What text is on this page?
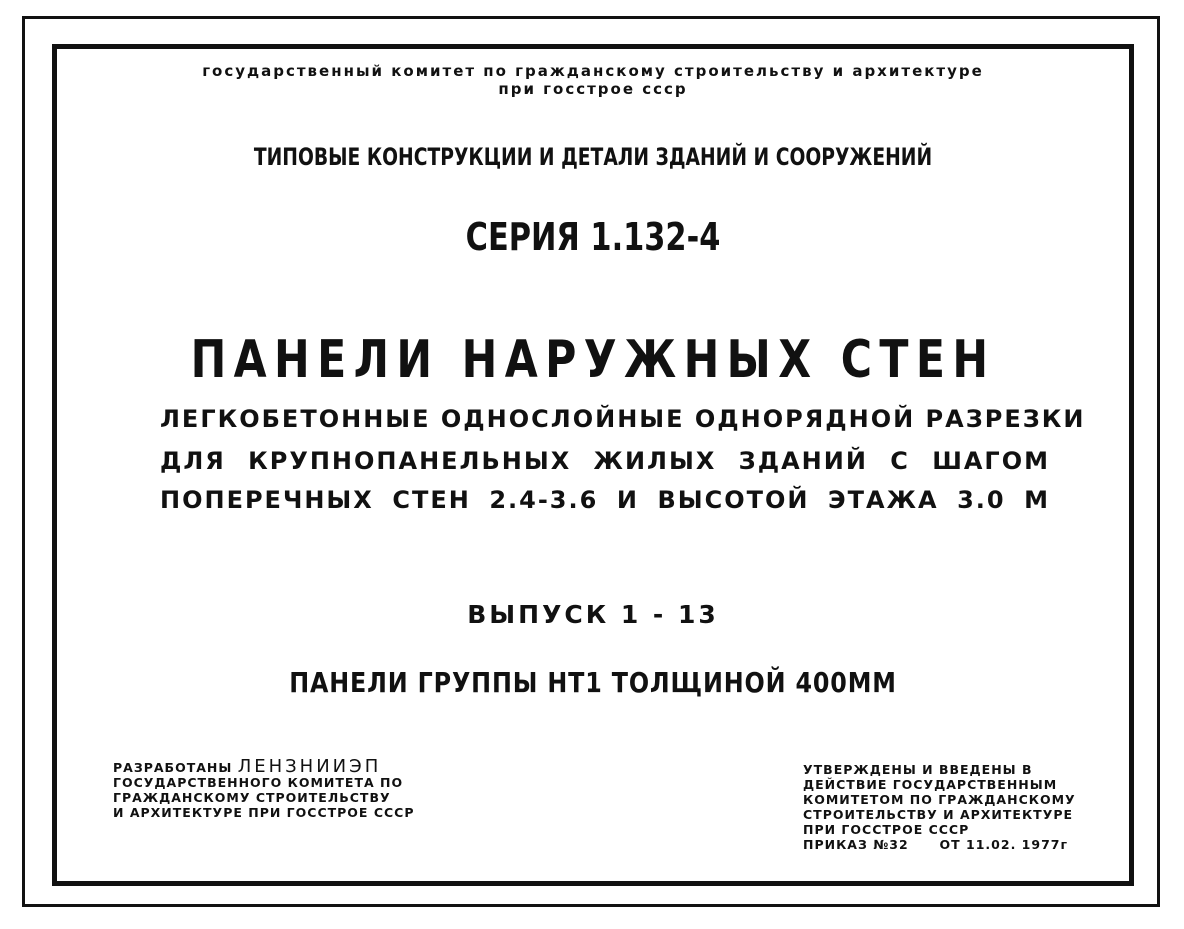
государственный комитет по гражданскому строительству и архитектуре

при госстрое ссср

ТИПОВЫЕ КОНСТРУКЦИИ И ДЕТАЛИ ЗДАНИЙ И СООРУЖЕНИЙ

СЕРИЯ 1.132-4

ПАНЕЛИ НАРУЖНЫХ СТЕН

ЛЕГКОБЕТОННЫЕ ОДНОСЛОЙНЫЕ ОДНОРЯДНОЙ РАЗРЕЗКИ

ДЛЯ КРУПНОПАНЕЛЬНЫХ ЖИЛЫХ ЗДАНИЙ С ШАГОМ

ПОПЕРЕЧНЫХ СТЕН 2.4-3.6 И ВЫСОТОЙ ЭТАЖА 3.0 М

ВЫПУСК 1 - 13

ПАНЕЛИ ГРУППЫ НТ1 ТОЛЩИНОЙ 400ММ

РАЗРАБОТАНЫ ЛЕНЗНИИЭП
ГОСУДАРСТВЕННОГО КОМИТЕТА ПО
ГРАЖДАНСКОМУ СТРОИТЕЛЬСТВУ
И АРХИТЕКТУРЕ ПРИ ГОССТРОЕ СССР
УТВЕРЖДЕНЫ И ВВЕДЕНЫ В
ДЕЙСТВИЕ ГОСУДАРСТВЕННЫМ
КОМИТЕТОМ ПО ГРАЖДАНСКОМУ
СТРОИТЕЛЬСТВУ И АРХИТЕКТУРЕ
ПРИ ГОССТРОЕ СССР
ПРИКАЗ №32 ОТ 11.02. 1977г
